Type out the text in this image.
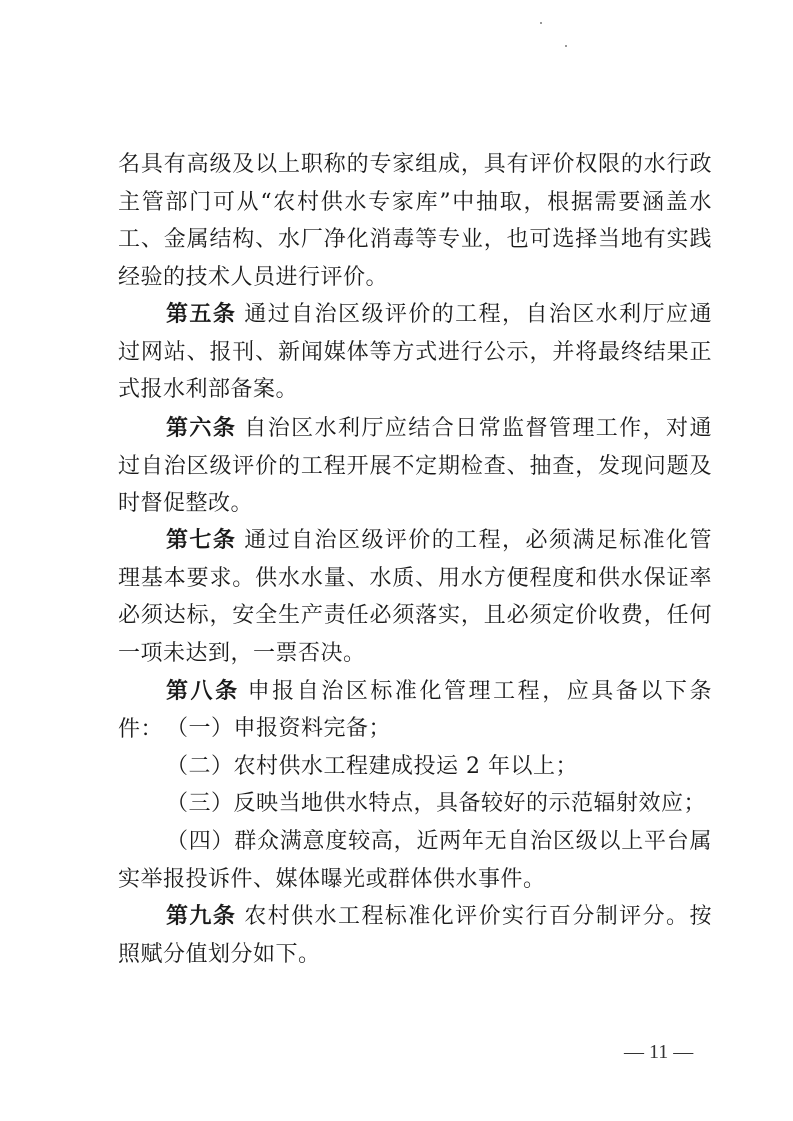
名具有高级及以上职称的专家组成，具有评价权限的水行政主管部门可从“农村供水专家库”中抽取，根据需要涵盖水工、金属结构、水厂净化消毒等专业，也可选择当地有实践经验的技术人员进行评价。

第五条 通过自治区级评价的工程，自治区水利厅应通过网站、报刊、新闻媒体等方式进行公示，并将最终结果正式报水利部备案。

第六条 自治区水利厅应结合日常监督管理工作，对通过自治区级评价的工程开展不定期检查、抽查，发现问题及时督促整改。

第七条 通过自治区级评价的工程，必须满足标准化管理基本要求。供水水量、水质、用水方便程度和供水保证率必须达标，安全生产责任必须落实，且必须定价收费，任何一项未达到，一票否决。

第八条 申报自治区标准化管理工程，应具备以下条件： （一）申报资料完备；

（二）农村供水工程建成投运 2 年以上；

（三）反映当地供水特点，具备较好的示范辐射效应；

（四）群众满意度较高，近两年无自治区级以上平台属实举报投诉件、媒体曝光或群体供水事件。

第九条 农村供水工程标准化评价实行百分制评分。按照赋分值划分如下。

— 11 —
